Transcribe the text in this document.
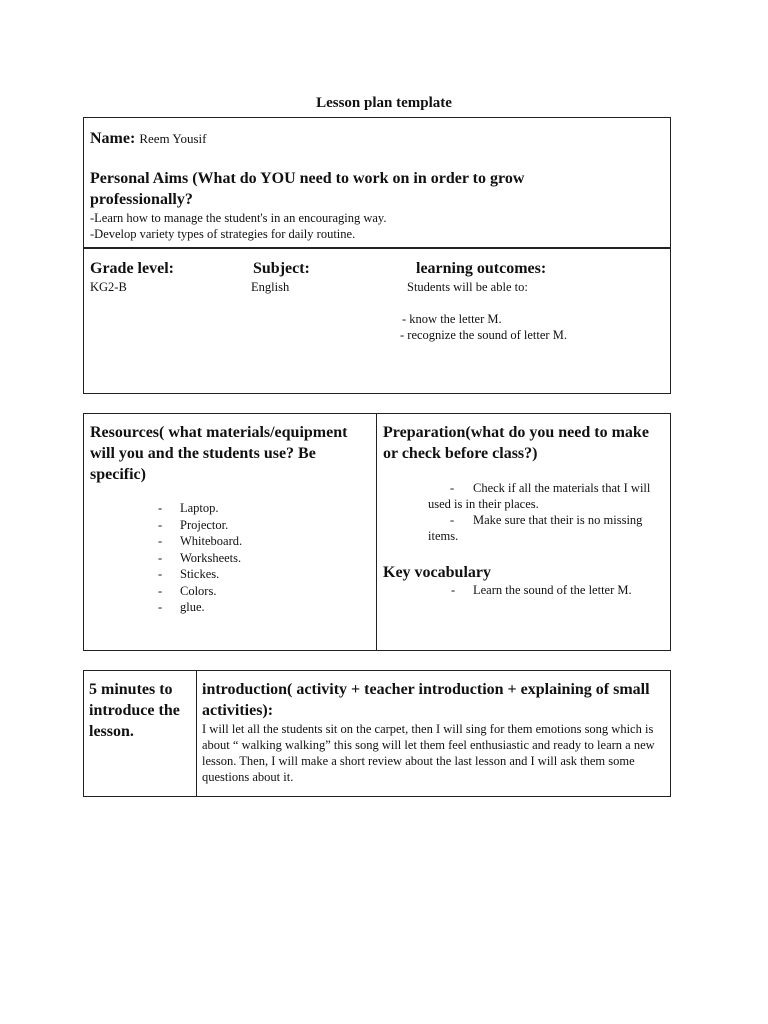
Lesson plan template
Name: Reem Yousif
Personal Aims (What do YOU need to work on in order to grow professionally?
-Learn how to manage the student's in an encouraging way.
-Develop variety types of strategies for daily routine.
Grade level:
KG2-B
Subject:
English
learning outcomes:
Students will be able to:
- know the letter M.
- recognize the sound of letter M.
Resources( what materials/equipment will you and the students use? Be specific)
- Laptop.
- Projector.
- Whiteboard.
- Worksheets.
- Stickes.
- Colors.
- glue.
Preparation(what do you need to make or check before class?)
- Check if all the materials that I will used is in their places.
- Make sure that their is no missing items.
Key vocabulary
- Learn the sound of the letter M.
5 minutes to introduce the lesson.
introduction( activity + teacher introduction + explaining of small activities):
I will let all the students sit on the carpet, then I will sing for them emotions song which is about “ walking walking” this song will let them feel enthusiastic and ready to learn a new lesson. Then, I will make a short review about the last lesson and I will ask them some questions about it.
